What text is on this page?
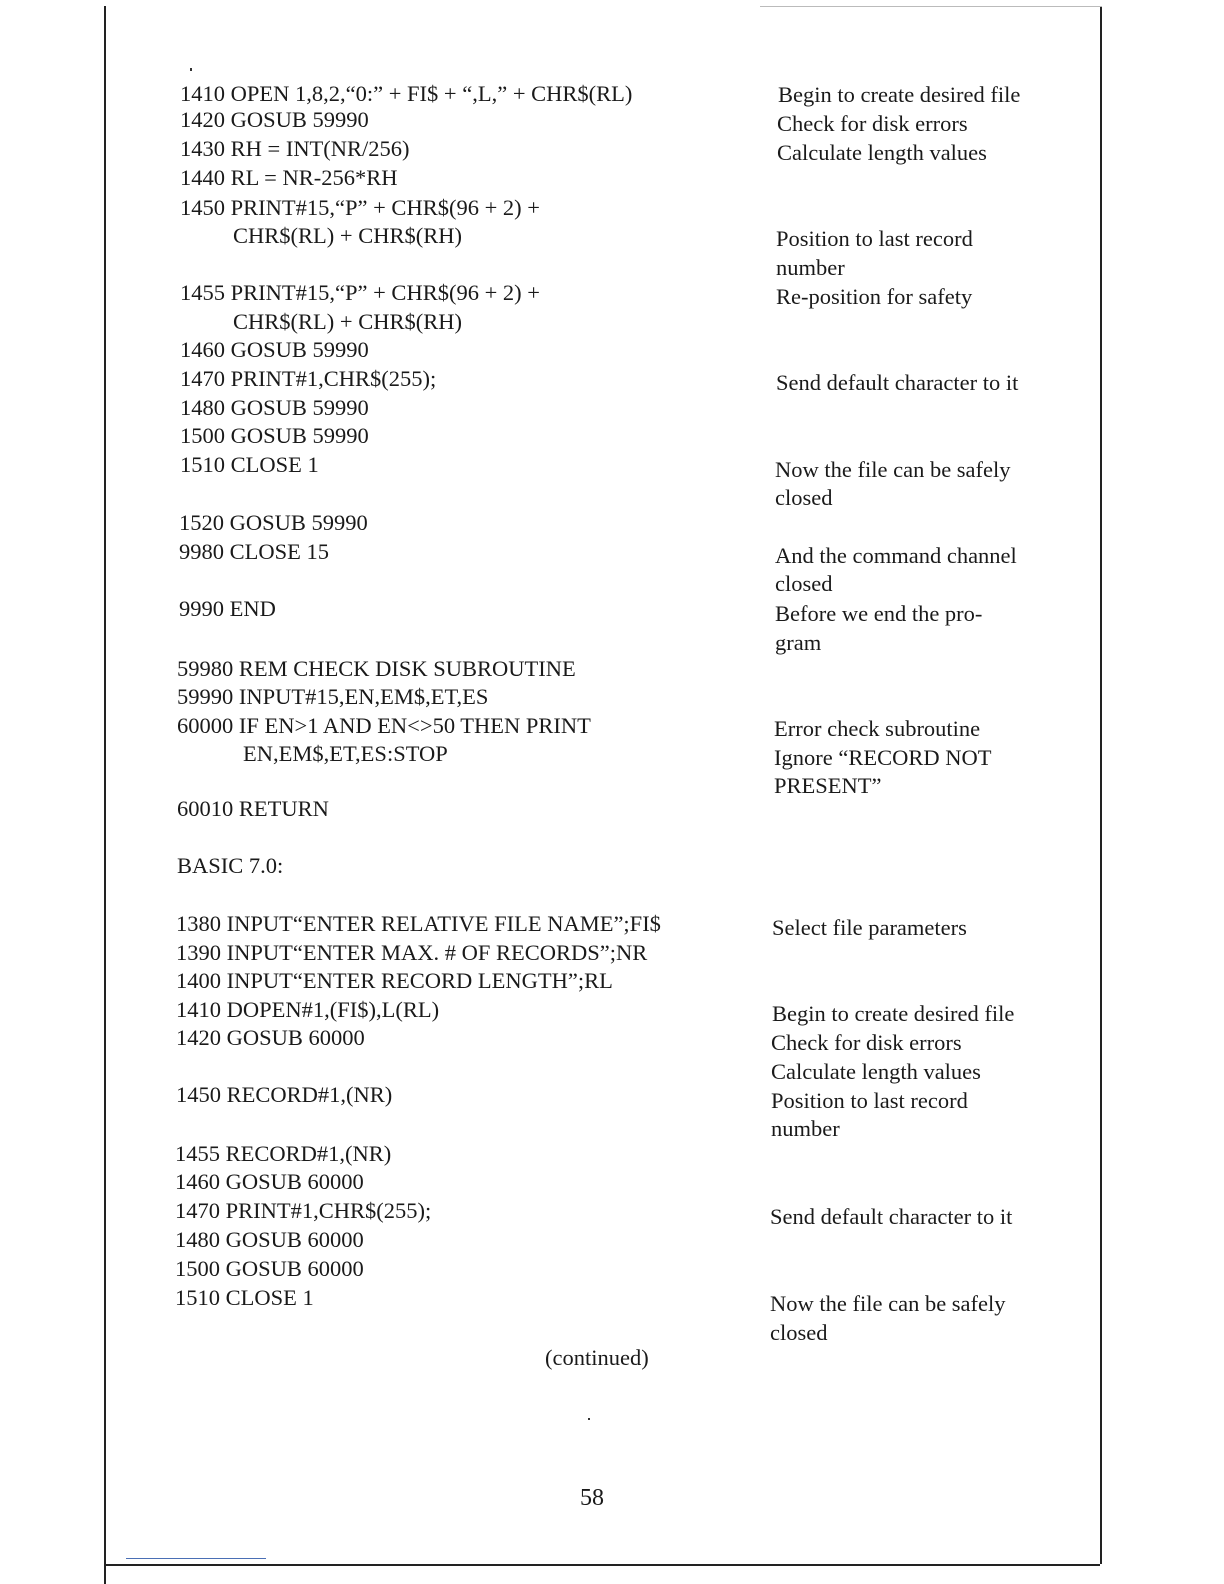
1410 OPEN 1,8,2,“0:” + FI$ + “,L,” + CHR$(RL)
1420 GOSUB 59990
1430 RH = INT(NR/256)
1440 RL = NR-256*RH
1450 PRINT#15,“P” + CHR$(96 + 2) +
CHR$(RL) + CHR$(RH)
1455 PRINT#15,“P” + CHR$(96 + 2) +
CHR$(RL) + CHR$(RH)
1460 GOSUB 59990
1470 PRINT#1,CHR$(255);
1480 GOSUB 59990
1500 GOSUB 59990
1510 CLOSE 1
1520 GOSUB 59990
9980 CLOSE 15
9990 END
59980 REM CHECK DISK SUBROUTINE
59990 INPUT#15,EN,EM$,ET,ES
60000 IF EN>1 AND EN<>50 THEN PRINT
EN,EM$,ET,ES:STOP
60010 RETURN
BASIC 7.0:
1380 INPUT“ENTER RELATIVE FILE NAME”;FI$
1390 INPUT“ENTER MAX. # OF RECORDS”;NR
1400 INPUT“ENTER RECORD LENGTH”;RL
1410 DOPEN#1,(FI$),L(RL)
1420 GOSUB 60000
1450 RECORD#1,(NR)
1455 RECORD#1,(NR)
1460 GOSUB 60000
1470 PRINT#1,CHR$(255);
1480 GOSUB 60000
1500 GOSUB 60000
1510 CLOSE 1
Begin to create desired file
Check for disk errors
Calculate length values
Position to last record
number
Re-position for safety
Send default character to it
Now the file can be safely
closed
And the command channel
closed
Before we end the pro-
gram
Error check subroutine
Ignore “RECORD NOT
PRESENT”
Select file parameters
Begin to create desired file
Check for disk errors
Calculate length values
Position to last record
number
Send default character to it
Now the file can be safely
closed
(continued)
58
